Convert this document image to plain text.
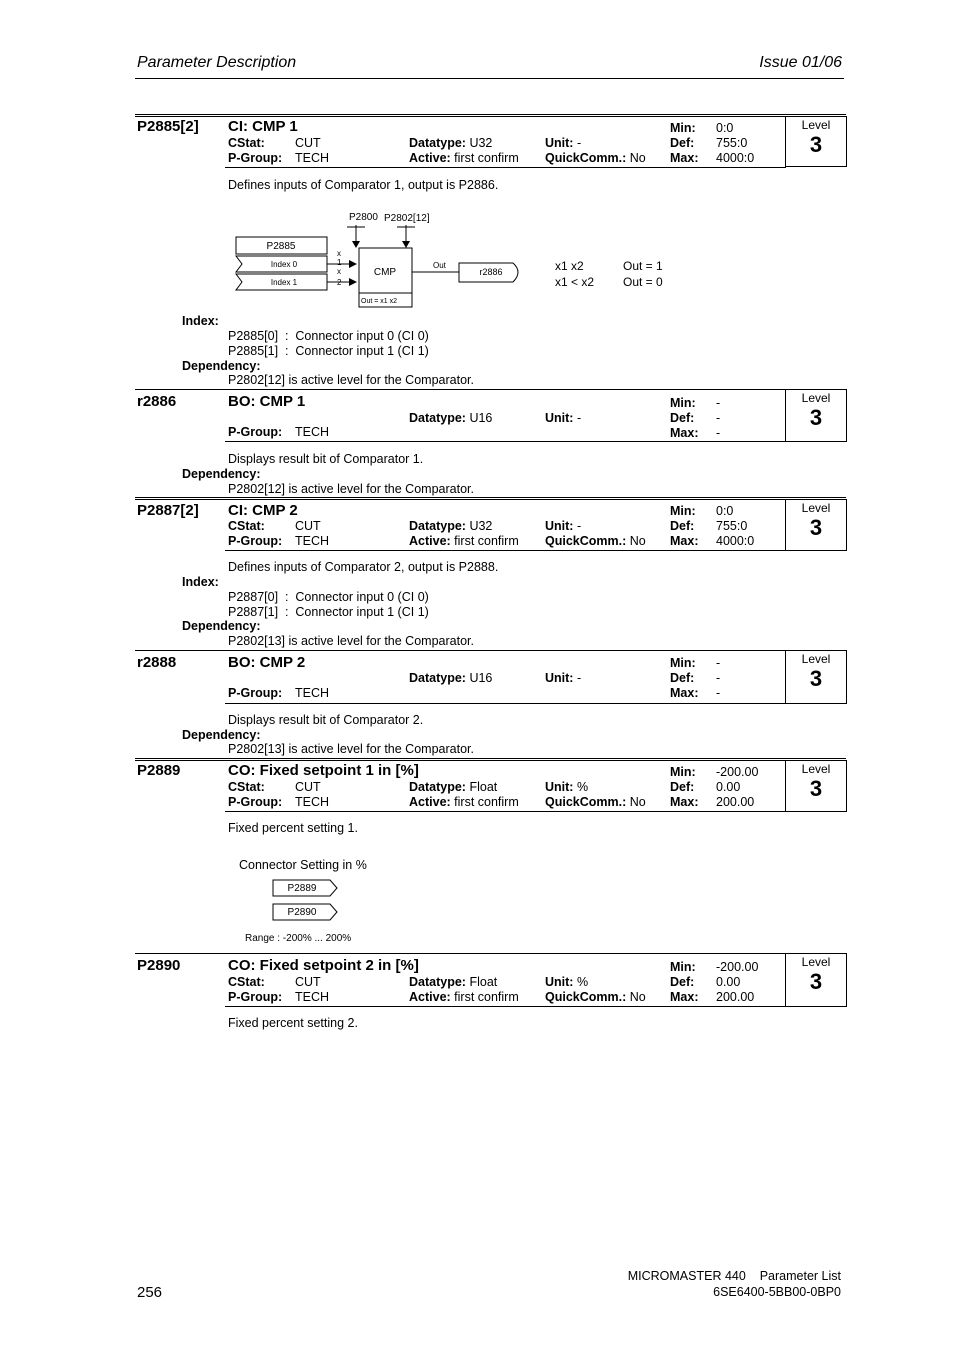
Parameter Description	Issue 01/06
P2885[2] CI: CMP 1
CStat: CUT
P-Group: TECH
Datatype: U32
Active: first confirm
Unit: -
QuickComm.: No
Min: 0:0
Def: 755:0
Max: 4000:0
Level
3
Defines inputs of Comparator 1, output is P2886.
P2800 P2802[12]
P2885
Index 0
Index 1
x
1
x
2
CMP
Out = x1 x2
Out
r2886	x1 x2	Out = 1
x1 < x2 Out = 0
Index:
P2885[0]  :  Connector input 0 (CI 0)
P2885[1]  :  Connector input 1 (CI 1)
Dependency:
P2802[12] is active level for the Comparator.
r2886	BO: CMP 1
P-Group: TECH
Datatype: U16	Unit: -
Min: -
Def: -
Max: -
Level
3
Displays result bit of Comparator 1.
Dependency:
P2802[12] is active level for the Comparator.
P2887[2] CI: CMP 2
CStat: CUT
P-Group: TECH
Datatype: U32
Active: first confirm
Unit: -
QuickComm.: No
Min: 0:0
Def: 755:0
Max: 4000:0
Level
3
Defines inputs of Comparator 2, output is P2888.
Index:
P2887[0]  :  Connector input 0 (CI 0)
P2887[1]  :  Connector input 1 (CI 1)
Dependency:
P2802[13] is active level for the Comparator.
r2888	BO: CMP 2
P-Group: TECH
Datatype: U16	Unit: -
Min: -
Def: -
Max: -
Level
3
Displays result bit of Comparator 2.
Dependency:
P2802[13] is active level for the Comparator.
P2889	CO: Fixed setpoint 1 in [%]
CStat: CUT
P-Group: TECH
Datatype: Float
Active: first confirm
Unit: %
QuickComm.: No
Min: -200.00
Def: 0.00
Max: 200.00
Level
3
Fixed percent setting 1.
Connector Setting in %
P2889
P2890
Range : -200% ... 200%
P2890	CO: Fixed setpoint 2 in [%]
CStat: CUT
P-Group: TECH
Datatype: Float
Active: first confirm
Unit: %
QuickComm.: No
Min: -200.00
Def: 0.00
Max: 200.00
Level
3
Fixed percent setting 2.
256
MICROMASTER 440    Parameter List
6SE6400-5BB00-0BP0
